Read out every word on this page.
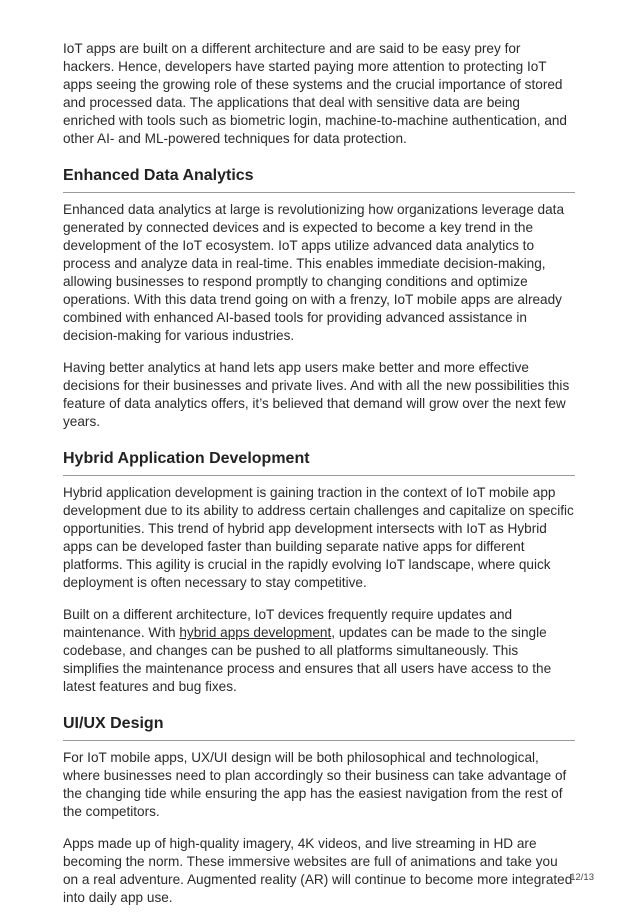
IoT apps are built on a different architecture and are said to be easy prey for hackers. Hence, developers have started paying more attention to protecting IoT apps seeing the growing role of these systems and the crucial importance of stored and processed data. The applications that deal with sensitive data are being enriched with tools such as biometric login, machine-to-machine authentication, and other AI- and ML-powered techniques for data protection.

Enhanced Data Analytics

Enhanced data analytics at large is revolutionizing how organizations leverage data generated by connected devices and is expected to become a key trend in the development of the IoT ecosystem. IoT apps utilize advanced data analytics to process and analyze data in real-time. This enables immediate decision-making, allowing businesses to respond promptly to changing conditions and optimize operations. With this data trend going on with a frenzy, IoT mobile apps are already combined with enhanced AI-based tools for providing advanced assistance in decision-making for various industries.

Having better analytics at hand lets app users make better and more effective decisions for their businesses and private lives. And with all the new possibilities this feature of data analytics offers, it’s believed that demand will grow over the next few years.

Hybrid Application Development

Hybrid application development is gaining traction in the context of IoT mobile app development due to its ability to address certain challenges and capitalize on specific opportunities. This trend of hybrid app development intersects with IoT as Hybrid apps can be developed faster than building separate native apps for different platforms. This agility is crucial in the rapidly evolving IoT landscape, where quick deployment is often necessary to stay competitive.

Built on a different architecture, IoT devices frequently require updates and maintenance. With hybrid apps development, updates can be made to the single codebase, and changes can be pushed to all platforms simultaneously. This simplifies the maintenance process and ensures that all users have access to the latest features and bug fixes.

UI/UX Design

For IoT mobile apps, UX/UI design will be both philosophical and technological, where businesses need to plan accordingly so their business can take advantage of the changing tide while ensuring the app has the easiest navigation from the rest of the competitors.

Apps made up of high-quality imagery, 4K videos, and live streaming in HD are becoming the norm. These immersive websites are full of animations and take you on a real adventure. Augmented reality (AR) will continue to become more integrated into daily app use.

12/13
